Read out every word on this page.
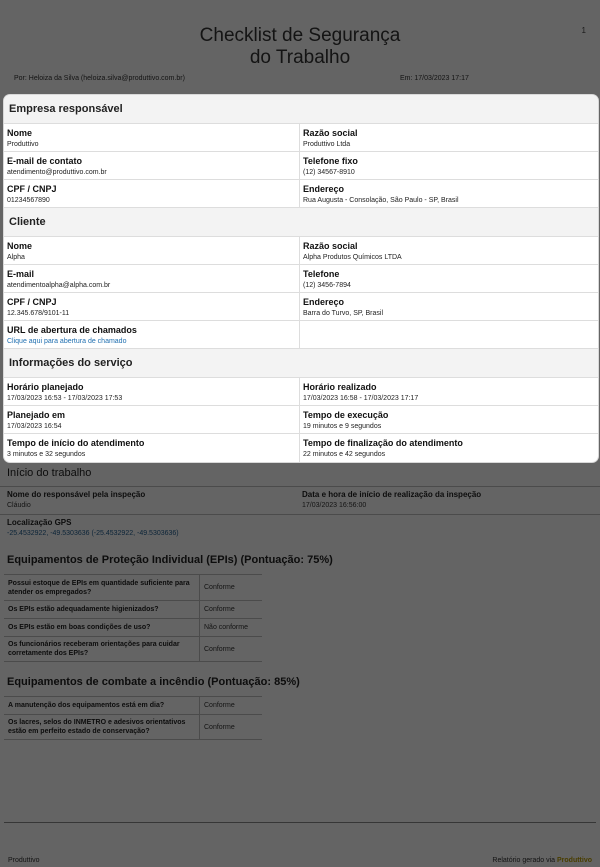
Empresa responsável
Nome
Produttivo
Razão social
Produttivo Ltda
E-mail de contato
atendimento@produttivo.com.br
Telefone fixo
(12) 34567-8910
CPF / CNPJ
01234567890
Endereço
Rua Augusta - Consolação, São Paulo - SP, Brasil
Cliente
Nome
Alpha
Razão social
Alpha Produtos Químicos LTDA
E-mail
atendimentoalpha@alpha.com.br
Telefone
(12) 3456-7894
CPF / CNPJ
12.345.678/9101-11
Endereço
Barra do Turvo, SP, Brasil
URL de abertura de chamados
Clique aqui para abertura de chamado
Informações do serviço
Horário planejado
17/03/2023 16:53 - 17/03/2023 17:53
Horário realizado
17/03/2023 16:58 - 17/03/2023 17:17
Planejado em
17/03/2023 16:54
Tempo de execução
19 minutos e 9 segundos
Tempo de início do atendimento
3 minutos e 32 segundos
Tempo de finalização do atendimento
22 minutos e 42 segundos
